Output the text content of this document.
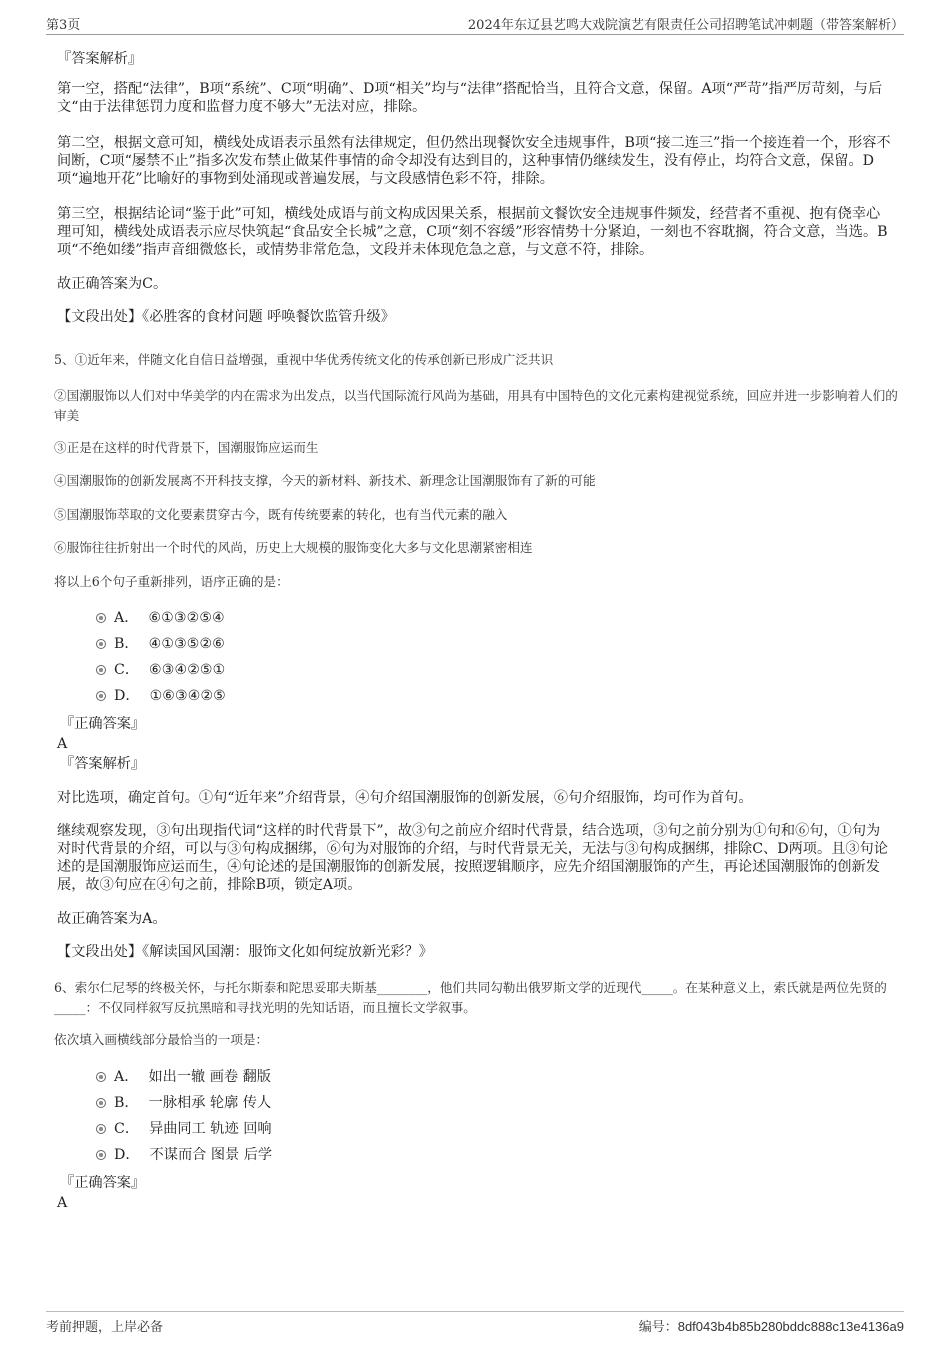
第3页	2024年东辽县艺鸣大戏院演艺有限责任公司招聘笔试冲刺题（带答案解析）
『答案解析』
第一空，搭配“法律”，B项“系统”、C项“明确”、D项“相关”均与“法律”搭配恰当，且符合文意，保留。A项“严苛”指严厉苛刻，与后文“由于法律惩罚力度和监督力度不够大”无法对应，排除。
第二空，根据文意可知，横线处成语表示虽然有法律规定，但仍然出现餐饮安全违规事件，B项“接二连三”指一个接连着一个，形容不间断，C项“屡禁不止”指多次发布禁止做某件事情的命令却没有达到目的，这种事情仍继续发生，没有停止，均符合文意，保留。D项“遍地开花”比喻好的事物到处涌现或普遍发展，与文段感情色彩不符，排除。
第三空，根据结论词“鉴于此”可知，横线处成语与前文构成因果关系，根据前文餐饮安全违规事件频发，经营者不重视、抱有侥幸心理可知，横线处成语表示应尽快筑起“食品安全长城”之意，C项“刻不容缓”形容情势十分紧迫，一刻也不容耽搁，符合文意，当选。B项“不绝如缕”指声音细微悠长，或情势非常危急，文段并未体现危急之意，与文意不符，排除。
故正确答案为C。
【文段出处】《必胜客的食材问题 呼唤餐饮监管升级》
5、①近年来，伴随文化自信日益增强，重视中华优秀传统文化的传承创新已形成广泛共识
②国潮服饰以人们对中华美学的内在需求为出发点，以当代国际流行风尚为基础，用具有中国特色的文化元素构建视觉系统，回应并进一步影响着人们的审美
③正是在这样的时代背景下，国潮服饰应运而生
④国潮服饰的创新发展离不开科技支撑，今天的新材料、新技术、新理念让国潮服饰有了新的可能
⑤国潮服饰萃取的文化要素贯穿古今，既有传统要素的转化，也有当代元素的融入
⑥服饰往往折射出一个时代的风尚，历史上大规模的服饰变化大多与文化思潮紧密相连
将以上6个句子重新排列，语序正确的是：
A． ⑥①③②⑤④
B． ④①③⑤②⑥
C． ⑥③④②⑤①
D． ①⑥③④②⑤
『正确答案』
A
『答案解析』
对比选项，确定首句。①句“近年来”介绍背景，④句介绍国潮服饰的创新发展，⑥句介绍服饰，均可作为首句。
继续观察发现，③句出现指代词“这样的时代背景下”，故③句之前应介绍时代背景，结合选项，③句之前分别为①句和⑥句，①句为对时代背景的介绍，可以与③句构成捆绑，⑥句为对服饰的介绍，与时代背景无关，无法与③句构成捆绑，排除C、D两项。且③句论述的是国潮服饰应运而生，④句论述的是国潮服饰的创新发展，按照逻辑顺序，应先介绍国潮服饰的产生，再论述国潮服饰的创新发展，故③句应在④句之前，排除B项，锁定A项。
故正确答案为A。
【文段出处】《解读国风国潮：服饰文化如何绽放新光彩？》
6、索尔仁尼琴的终极关怀，与托尔斯泰和陀思妥耶夫斯基________，他们共同勾勒出俄罗斯文学的近现代_____。在某种意义上，索氏就是两位先贤的_____：不仅同样叙写反抗黑暗和寻找光明的先知话语，而且擅长文学叙事。
依次填入画横线部分最恰当的一项是：
A． 如出一辙 画卷 翻版
B． 一脉相承 轮廓 传人
C． 异曲同工 轨迹 回响
D． 不谋而合 图景 后学
『正确答案』
A
考前押题，上岸必备	编号：8df043b4b85b280bddc888c13e4136a9
